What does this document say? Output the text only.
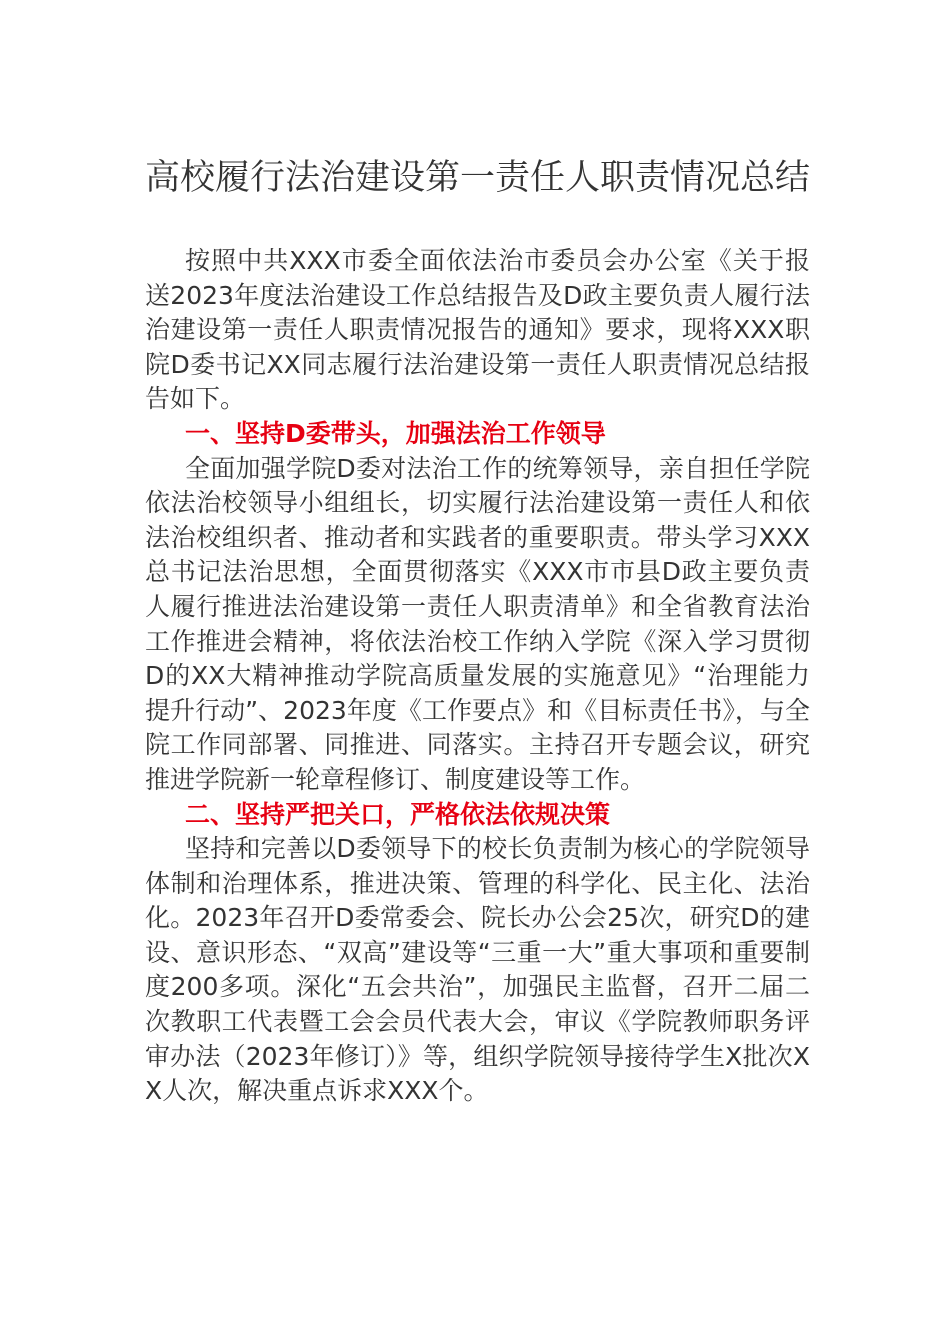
高校履行法治建设第一责任人职责情况总结

按照中共XXX市委全面依法治市委员会办公室《关于报送2023年度法治建设工作总结报告及D政主要负责人履行法治建设第一责任人职责情况报告的通知》要求，现将XXX职院D委书记XX同志履行法治建设第一责任人职责情况总结报告如下。

一、坚持D委带头，加强法治工作领导

全面加强学院D委对法治工作的统筹领导，亲自担任学院依法治校领导小组组长，切实履行法治建设第一责任人和依法治校组织者、推动者和实践者的重要职责。带头学习XXX总书记法治思想，全面贯彻落实《XXX市市县D政主要负责人履行推进法治建设第一责任人职责清单》和全省教育法治工作推进会精神，将依法治校工作纳入学院《深入学习贯彻D的XX大精神推动学院高质量发展的实施意见》“治理能力提升行动”、2023年度《工作要点》和《目标责任书》，与全院工作同部署、同推进、同落实。主持召开专题会议，研究推进学院新一轮章程修订、制度建设等工作。

二、坚持严把关口，严格依法依规决策

坚持和完善以D委领导下的校长负责制为核心的学院领导体制和治理体系，推进决策、管理的科学化、民主化、法治化。2023年召开D委常委会、院长办公会25次，研究D的建设、意识形态、“双高”建设等“三重一大”重大事项和重要制度200多项。深化“五会共治”，加强民主监督，召开二届二次教职工代表暨工会会员代表大会，审议《学院教师职务评审办法（2023年修订）》等，组织学院领导接待学生X批次XX人次，解决重点诉求XXX个。
